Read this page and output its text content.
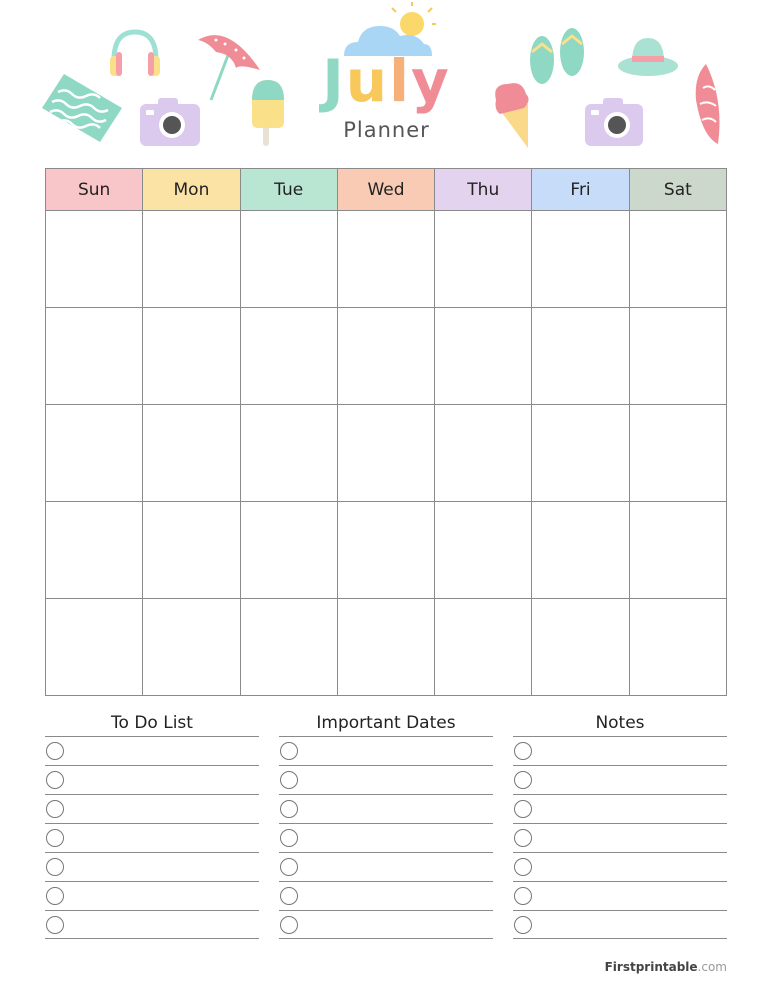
July
Planner
Sun	Mon	Tue	Wed	Thu	Fri	Sat

To Do List	Important Dates	Notes
Firstprintable.com
